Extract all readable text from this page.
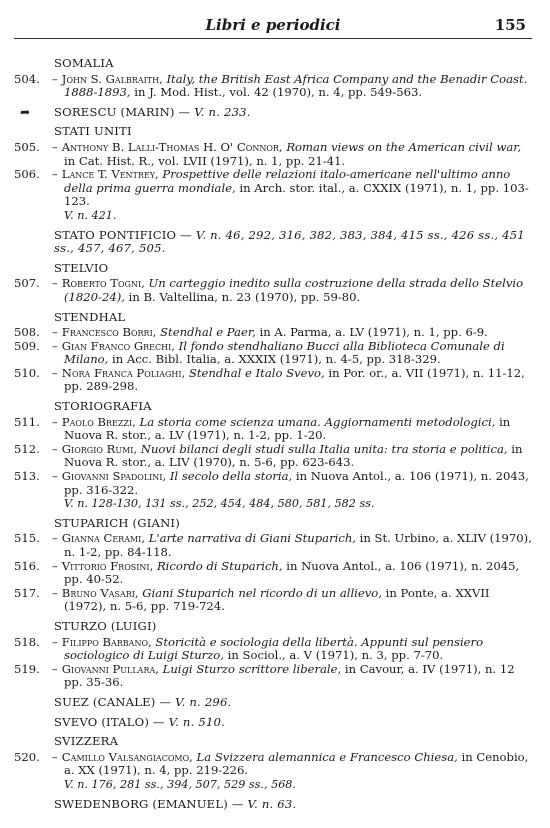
Libri e periodici	155
SOMALIA
504. – John S. Galbraith, Italy, the British East Africa Company and the Benadir Coast. 1888-1893, in J. Mod. Hist., vol. 42 (1970), n. 4, pp. 549-563.
➦ SORESCU (MARIN) — V. n. 233.
STATI UNITI
505. – Anthony B. Lalli-Thomas H. O' Connor, Roman views on the American civil war, in Cat. Hist. R., vol. LVII (1971), n. 1, pp. 21-41.
506. – Lance T. Ventrey, Prospettive delle relazioni italo-americane nell'ultimo anno della prima guerra mondiale, in Arch. stor. ital., a. CXXIX (1971), n. 1, pp. 103-123.
V. n. 421.
STATO PONTIFICIO — V. n. 46, 292, 316, 382, 383, 384, 415 ss., 426 ss., 451 ss., 457, 467, 505.
STELVIO
507. – Roberto Togni, Un carteggio inedito sulla costruzione della strada dello Stelvio (1820-24), in B. Valtellina, n. 23 (1970), pp. 59-80.
STENDHAL
508. – Francesco Borri, Stendhal e Paer, in A. Parma, a. LV (1971), n. 1, pp. 6-9.
509. – Gian Franco Grechi, Il fondo stendhaliano Bucci alla Biblioteca Comunale di Milano, in Acc. Bibl. Italia, a. XXXIX (1971), n. 4-5, pp. 318-329.
510. – Nora Franca Poliaghi, Stendhal e Italo Svevo, in Por. or., a. VII (1971), n. 11-12, pp. 289-298.
STORIOGRAFIA
511. – Paolo Brezzi, La storia come scienza umana. Aggiornamenti metodologici, in Nuova R. stor., a. LV (1971), n. 1-2, pp. 1-20.
512. – Giorgio Rumi, Nuovi bilanci degli studi sulla Italia unita: tra storia e politica, in Nuova R. stor., a. LIV (1970), n. 5-6, pp. 623-643.
513. – Giovanni Spadolini, Il secolo della storia, in Nuova Antol., a. 106 (1971), n. 2043, pp. 316-322.
V. n. 128-130, 131 ss., 252, 454, 484, 580, 581, 582 ss.
STUPARICH (GIANI)
515. – Gianna Cerami, L'arte narrativa di Giani Stuparich, in St. Urbino, a. XLIV (1970), n. 1-2, pp. 84-118.
516. – Vittorio Frosini, Ricordo di Stuparich, in Nuova Antol., a. 106 (1971), n. 2045, pp. 40-52.
517. – Bruno Vasari, Giani Stuparich nel ricordo di un allievo, in Ponte, a. XXVII (1972), n. 5-6, pp. 719-724.
STURZO (LUIGI)
518. – Filippo Barbano, Storicità e sociologia della libertà. Appunti sul pensiero sociologico di Luigi Sturzo, in Sociol., a. V (1971), n. 3, pp. 7-70.
519. – Giovanni Pullara, Luigi Sturzo scrittore liberale, in Cavour, a. IV (1971), n. 12 pp. 35-36.
SUEZ (CANALE) — V. n. 296.
SVEVO (ITALO) — V. n. 510.
SVIZZERA
520. – Camillo Valsangiacomo, La Svizzera alemannica e Francesco Chiesa, in Cenobio, a. XX (1971), n. 4, pp. 219-226.
V. n. 176, 281 ss., 394, 507, 529 ss., 568.
SWEDENBORG (EMANUEL) — V. n. 63.
